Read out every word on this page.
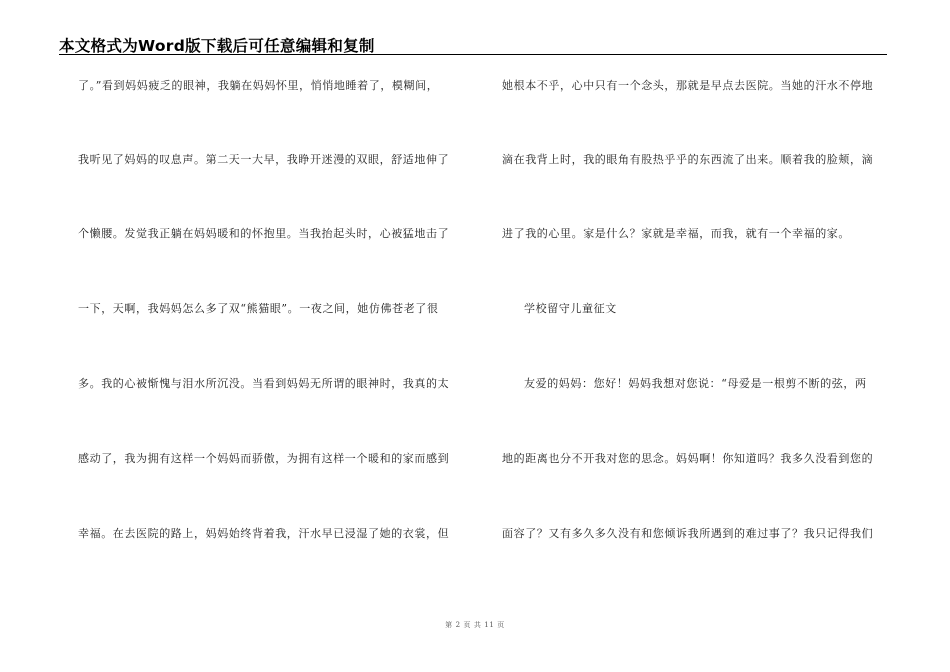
本文格式为Word版下载后可任意编辑和复制
了。”看到妈妈疲乏的眼神，我躺在妈妈怀里，悄悄地睡着了，模糊间，
我听见了妈妈的叹息声。第二天一大早，我睁开迷漫的双眼，舒适地伸了
个懒腰。发觉我正躺在妈妈暖和的怀抱里。当我抬起头时，心被猛地击了
一下，天啊，我妈妈怎么多了双“熊猫眼”。一夜之间，她仿佛苍老了很
多。我的心被惭愧与泪水所沉没。当看到妈妈无所谓的眼神时，我真的太
感动了，我为拥有这样一个妈妈而骄傲，为拥有这样一个暖和的家而感到
幸福。在去医院的路上，妈妈始终背着我，汗水早已浸湿了她的衣裳，但
她根本不乎，心中只有一个念头，那就是早点去医院。当她的汗水不停地
滴在我背上时，我的眼角有股热乎乎的东西流了出来。顺着我的脸颊，滴
进了我的心里。家是什么？家就是幸福，而我，就有一个幸福的家。
学校留守儿童征文
友爱的妈妈：您好！妈妈我想对您说：“母爱是一根剪不断的弦，两
地的距离也分不开我对您的思念。妈妈啊！你知道吗？我多久没看到您的
面容了？又有多久多久没有和您倾诉我所遇到的难过事了？我只记得我们
第 2 页 共 11 页
